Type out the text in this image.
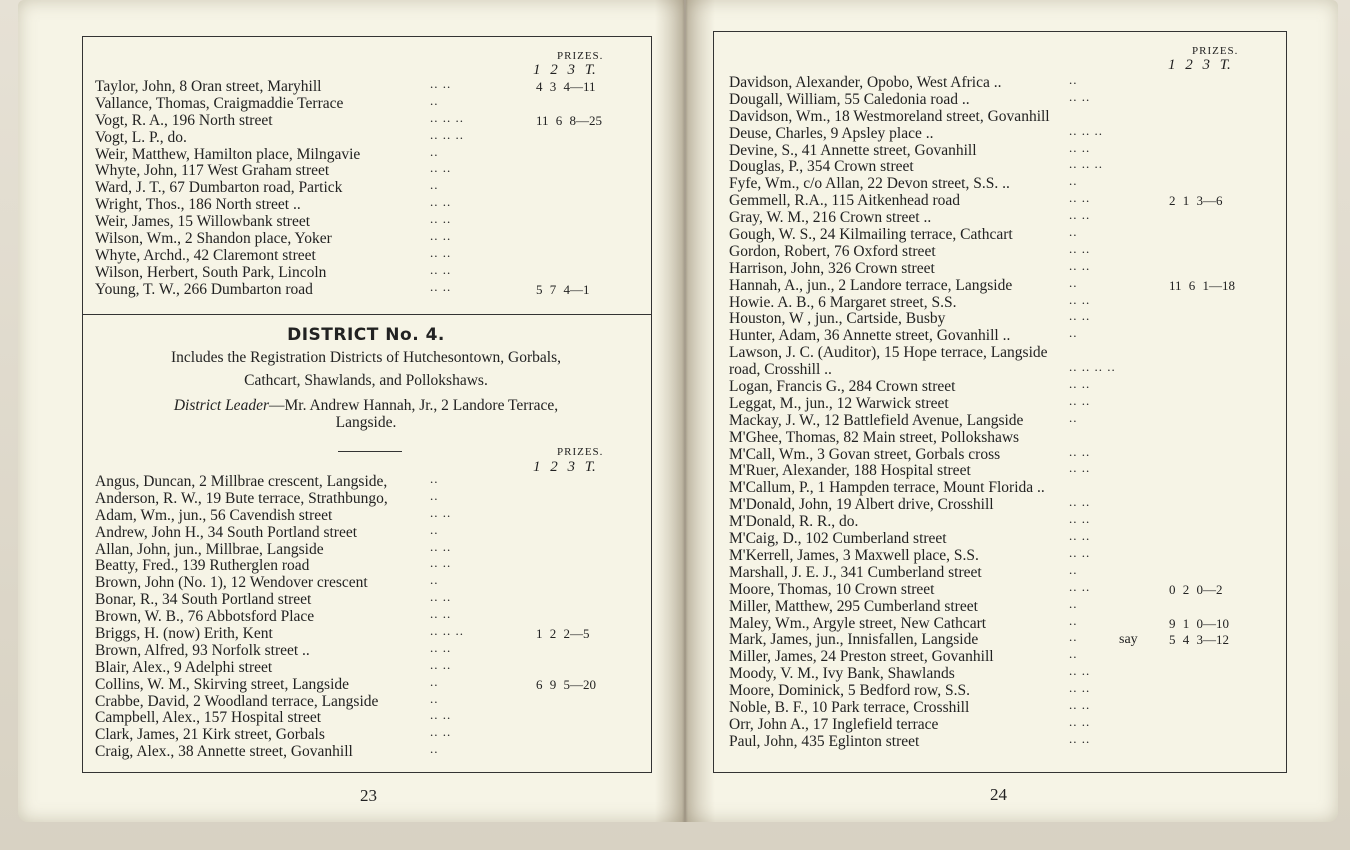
PRIZES.
1 2 3 T.
Taylor, John, 8 Oran street, Maryhill	.. ..	4 3 4—11
Vallance, Thomas, Craigmaddie Terrace	..
Vogt, R. A., 196 North street	.. .. ..	11 6 8—25
Vogt, L. P., do.	.. .. ..
Weir, Matthew, Hamilton place, Milngavie	..
Whyte, John, 117 West Graham street	.. ..
Ward, J. T., 67 Dumbarton road, Partick	..
Wright, Thos., 186 North street ..	.. ..
Weir, James, 15 Willowbank street	.. ..
Wilson, Wm., 2 Shandon place, Yoker	.. ..
Whyte, Archd., 42 Claremont street	.. ..
Wilson, Herbert, South Park, Lincoln	.. ..
Young, T. W., 266 Dumbarton road	.. ..	5 7 4—1
DISTRICT No. 4.
Includes the Registration Districts of Hutchesontown, Gorbals,
Cathcart, Shawlands, and Pollokshaws.
District Leader—Mr. Andrew Hannah, Jr., 2 Landore Terrace,
Langside.
PRIZES.
1 2 3 T.
Angus, Duncan, 2 Millbrae crescent, Langside,	..
Anderson, R. W., 19 Bute terrace, Strathbungo,	..
Adam, Wm., jun., 56 Cavendish street	.. ..
Andrew, John H., 34 South Portland street	..
Allan, John, jun., Millbrae, Langside	.. ..
Beatty, Fred., 139 Rutherglen road	.. ..
Brown, John (No. 1), 12 Wendover crescent	..
Bonar, R., 34 South Portland street	.. ..
Brown, W. B., 76 Abbotsford Place	.. ..
Briggs, H. (now) Erith, Kent	.. .. ..	1 2 2—5
Brown, Alfred, 93 Norfolk street ..	.. ..
Blair, Alex., 9 Adelphi street	.. ..
Collins, W. M., Skirving street, Langside	..	6 9 5—20
Crabbe, David, 2 Woodland terrace, Langside	..
Campbell, Alex., 157 Hospital street	.. ..
Clark, James, 21 Kirk street, Gorbals	.. ..
Craig, Alex., 38 Annette street, Govanhill	..
23
PRIZES.
1 2 3 T.
Davidson, Alexander, Opobo, West Africa ..	..
Dougall, William, 55 Caledonia road ..	.. ..
Davidson, Wm., 18 Westmoreland street, Govanhill
Deuse, Charles, 9 Apsley place ..	.. .. ..
Devine, S., 41 Annette street, Govanhill	.. ..
Douglas, P., 354 Crown street	.. .. ..
Fyfe, Wm., c/o Allan, 22 Devon street, S.S. ..	..
Gemmell, R.A., 115 Aitkenhead road	.. ..	2 1 3—6
Gray, W. M., 216 Crown street ..	.. ..
Gough, W. S., 24 Kilmailing terrace, Cathcart	..
Gordon, Robert, 76 Oxford street	.. ..
Harrison, John, 326 Crown street	.. ..
Hannah, A., jun., 2 Landore terrace, Langside	..	11 6 1—18
Howie. A. B., 6 Margaret street, S.S.	.. ..
Houston, W , jun., Cartside, Busby	.. ..
Hunter, Adam, 36 Annette street, Govanhill ..	..
Lawson, J. C. (Auditor), 15 Hope terrace, Langside
road, Crosshill ..	.. .. .. ..
Logan, Francis G., 284 Crown street	.. ..
Leggat, M., jun., 12 Warwick street	.. ..
Mackay, J. W., 12 Battlefield Avenue, Langside	..
M'Ghee, Thomas, 82 Main street, Pollokshaws
M'Call, Wm., 3 Govan street, Gorbals cross	.. ..
M'Ruer, Alexander, 188 Hospital street	.. ..
M'Callum, P., 1 Hampden terrace, Mount Florida ..
M'Donald, John, 19 Albert drive, Crosshill	.. ..
M'Donald, R. R., do.	.. ..
M'Caig, D., 102 Cumberland street	.. ..
M'Kerrell, James, 3 Maxwell place, S.S.	.. ..
Marshall, J. E. J., 341 Cumberland street	..
Moore, Thomas, 10 Crown street	.. ..	0 2 0—2
Miller, Matthew, 295 Cumberland street	..
Maley, Wm., Argyle street, New Cathcart	..	9 1 0—10
Mark, James, jun., Innisfallen, Langside	..	say 5 4 3—12
Miller, James, 24 Preston street, Govanhill	..
Moody, V. M., Ivy Bank, Shawlands	.. ..
Moore, Dominick, 5 Bedford row, S.S.	.. ..
Noble, B. F., 10 Park terrace, Crosshill	.. ..
Orr, John A., 17 Inglefield terrace	.. ..
Paul, John, 435 Eglinton street	.. ..
24
